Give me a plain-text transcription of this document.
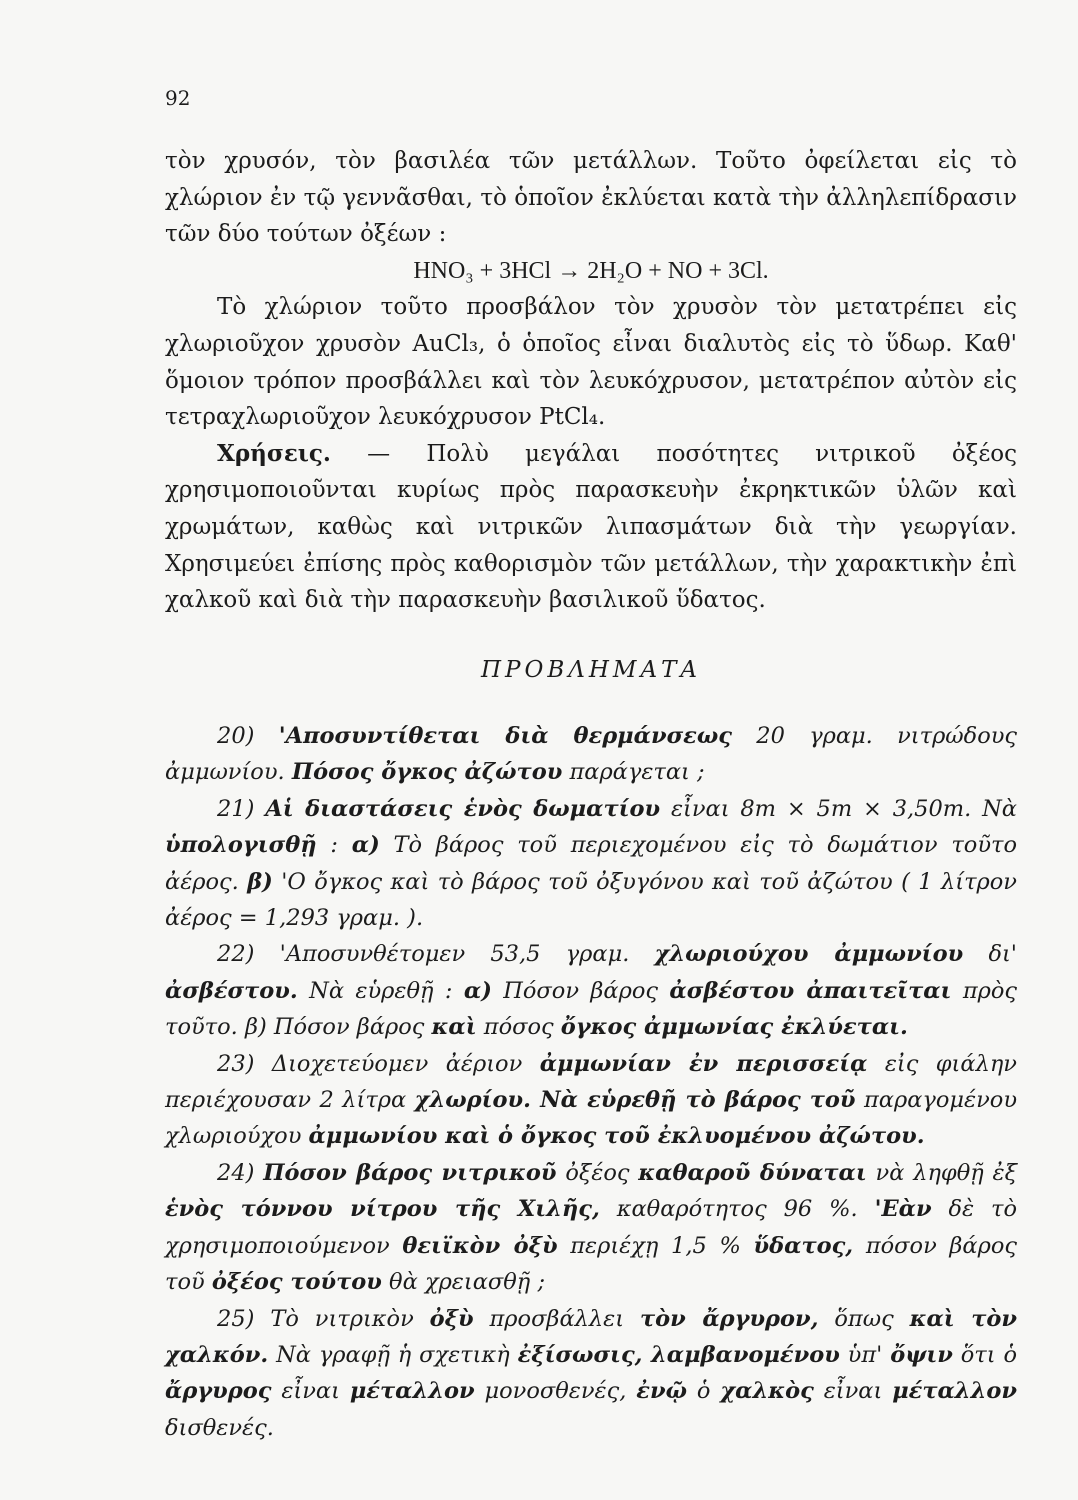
92

τὸν χρυσόν, τὸν βασιλέα τῶν μετάλλων. Τοῦτο ὀφείλεται εἰς τὸ χλώριον ἐν τῷ γεννᾶσθαι, τὸ ὁποῖον ἐκλύεται κατὰ τὴν ἀλληλεπίδρασιν τῶν δύο τούτων ὀξέων :

HNO₃ + 3HCl → 2H₂O + NO + 3Cl.

Τὸ χλώριον τοῦτο προσβάλον τὸν χρυσὸν τὸν μετατρέπει εἰς χλωριοῦχον χρυσὸν AuCl₃, ὁ ὁποῖος εἶναι διαλυτὸς εἰς τὸ ὕδωρ. Καθ' ὅμοιον τρόπον προσβάλλει καὶ τὸν λευκόχρυσον, μετατρέπον αὐτὸν εἰς τετραχλωριοῦχον λευκόχρυσον PtCl₄.

Χρήσεις. — Πολὺ μεγάλαι ποσότητες νιτρικοῦ ὀξέος χρησιμοποιοῦνται κυρίως πρὸς παρασκευὴν ἐκρηκτικῶν ὑλῶν καὶ χρωμάτων, καθὼς καὶ νιτρικῶν λιπασμάτων διὰ τὴν γεωργίαν. Χρησιμεύει ἐπίσης πρὸς καθορισμὸν τῶν μετάλλων, τὴν χαρακτικὴν ἐπὶ χαλκοῦ καὶ διὰ τὴν παρασκευὴν βασιλικοῦ ὕδατος.

ΠΡΟΒΛΗΜΑΤΑ

20) 'Αποσυντίθεται διὰ θερμάνσεως 20 γραμ. νιτρώδους ἀμμωνίου. Πόσος ὄγκος ἀζώτου παράγεται ;

21) Αἱ διαστάσεις ἑνὸς δωματίου εἶναι 8m × 5m × 3,50m. Νὰ ὑπολογισθῇ : α) Τὸ βάρος τοῦ περιεχομένου εἰς τὸ δωμάτιον τοῦτο ἀέρος. β) 'Ο ὄγκος καὶ τὸ βάρος τοῦ ὀξυγόνου καὶ τοῦ ἀζώτου ( 1 λίτρον ἀέρος = 1,293 γραμ. ).

22) 'Αποσυνθέτομεν 53,5 γραμ. χλωριούχου ἀμμωνίου δι' ἀσβέστου. Νὰ εὑρεθῇ : α) Πόσον βάρος ἀσβέστου ἀπαιτεῖται πρὸς τοῦτο. β) Πόσον βάρος καὶ πόσος ὄγκος ἀμμωνίας ἐκλύεται.

23) Διοχετεύομεν ἀέριον ἀμμωνίαν ἐν περισσείᾳ εἰς φιάλην περιέχουσαν 2 λίτρα χλωρίου. Νὰ εὑρεθῇ τὸ βάρος τοῦ παραγομένου χλωριούχου ἀμμωνίου καὶ ὁ ὄγκος τοῦ ἐκλυομένου ἀζώτου.

24) Πόσον βάρος νιτρικοῦ ὀξέος καθαροῦ δύναται νὰ ληφθῇ ἐξ ἑνὸς τόννου νίτρου τῆς Χιλῆς, καθαρότητος 96 %. 'Εὰν δὲ τὸ χρησιμοποιούμενον θειϊκὸν ὀξὺ περιέχῃ 1,5 % ὕδατος, πόσον βάρος τοῦ ὀξέος τούτου θὰ χρειασθῇ ;

25) Τὸ νιτρικὸν ὀξὺ προσβάλλει τὸν ἄργυρον, ὅπως καὶ τὸν χαλκόν. Νὰ γραφῇ ἡ σχετικὴ ἐξίσωσις, λαμβανομένου ὑπ' ὄψιν ὅτι ὁ ἄργυρος εἶναι μέταλλον μονοσθενές, ἐνῷ ὁ χαλκὸς εἶναι μέταλλον δισθενές.
